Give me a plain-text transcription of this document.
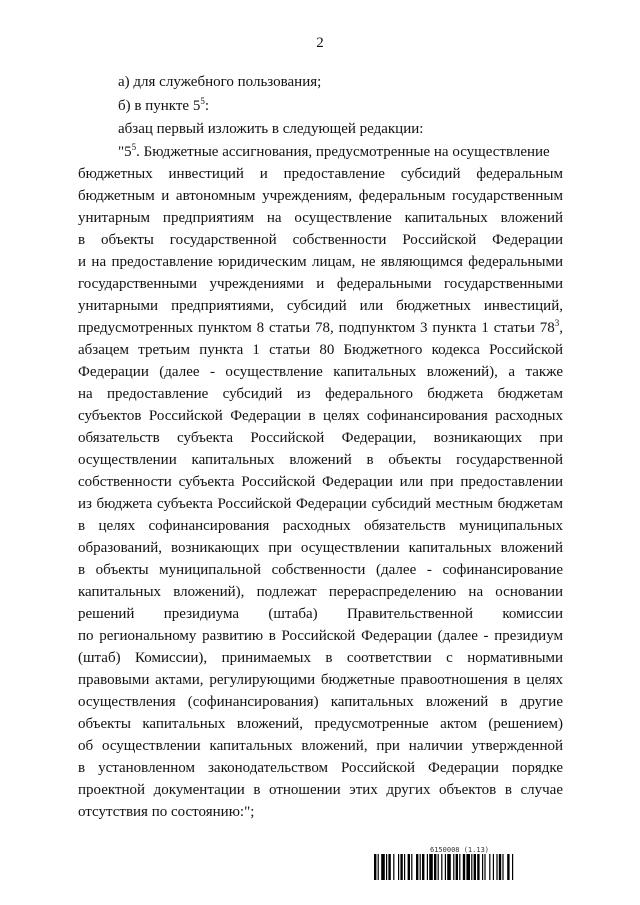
2
а) для служебного пользования;
б) в пункте $5^5$:
абзац первый изложить в следующей редакции:
"$5^5$. Бюджетные ассигнования, предусмотренные на осуществление
бюджетных инвестиций и предоставление субсидий федеральным
бюджетным и автономным учреждениям, федеральным государственным
унитарным предприятиям на осуществление капитальных вложений
в объекты государственной собственности Российской Федерации
и на предоставление юридическим лицам, не являющимся федеральными
государственными учреждениями и федеральными государственными
унитарными предприятиями, субсидий или бюджетных инвестиций,
предусмотренных пунктом 8 статьи 78, подпунктом 3 пункта 1 статьи $78^3$,
абзацем третьим пункта 1 статьи 80 Бюджетного кодекса Российской
Федерации (далее - осуществление капитальных вложений), а также
на предоставление субсидий из федерального бюджета бюджетам
субъектов Российской Федерации в целях софинансирования расходных
обязательств субъекта Российской Федерации, возникающих при
осуществлении капитальных вложений в объекты государственной
собственности субъекта Российской Федерации или при предоставлении
из бюджета субъекта Российской Федерации субсидий местным бюджетам
в целях софинансирования расходных обязательств муниципальных
образований, возникающих при осуществлении капитальных вложений
в объекты муниципальной собственности (далее - софинансирование
капитальных вложений), подлежат перераспределению на основании
решений президиума (штаба) Правительственной комиссии
по региональному развитию в Российской Федерации (далее - президиум
(штаб) Комиссии), принимаемых в соответствии с нормативными
правовыми актами, регулирующими бюджетные правоотношения в целях
осуществления (софинансирования) капитальных вложений в другие
объекты капитальных вложений, предусмотренные актом (решением)
об осуществлении капитальных вложений, при наличии утвержденной
в установленном законодательством Российской Федерации порядке
проектной документации в отношении этих других объектов в случае
отсутствия по состоянию:";
6150008 (1.13)
